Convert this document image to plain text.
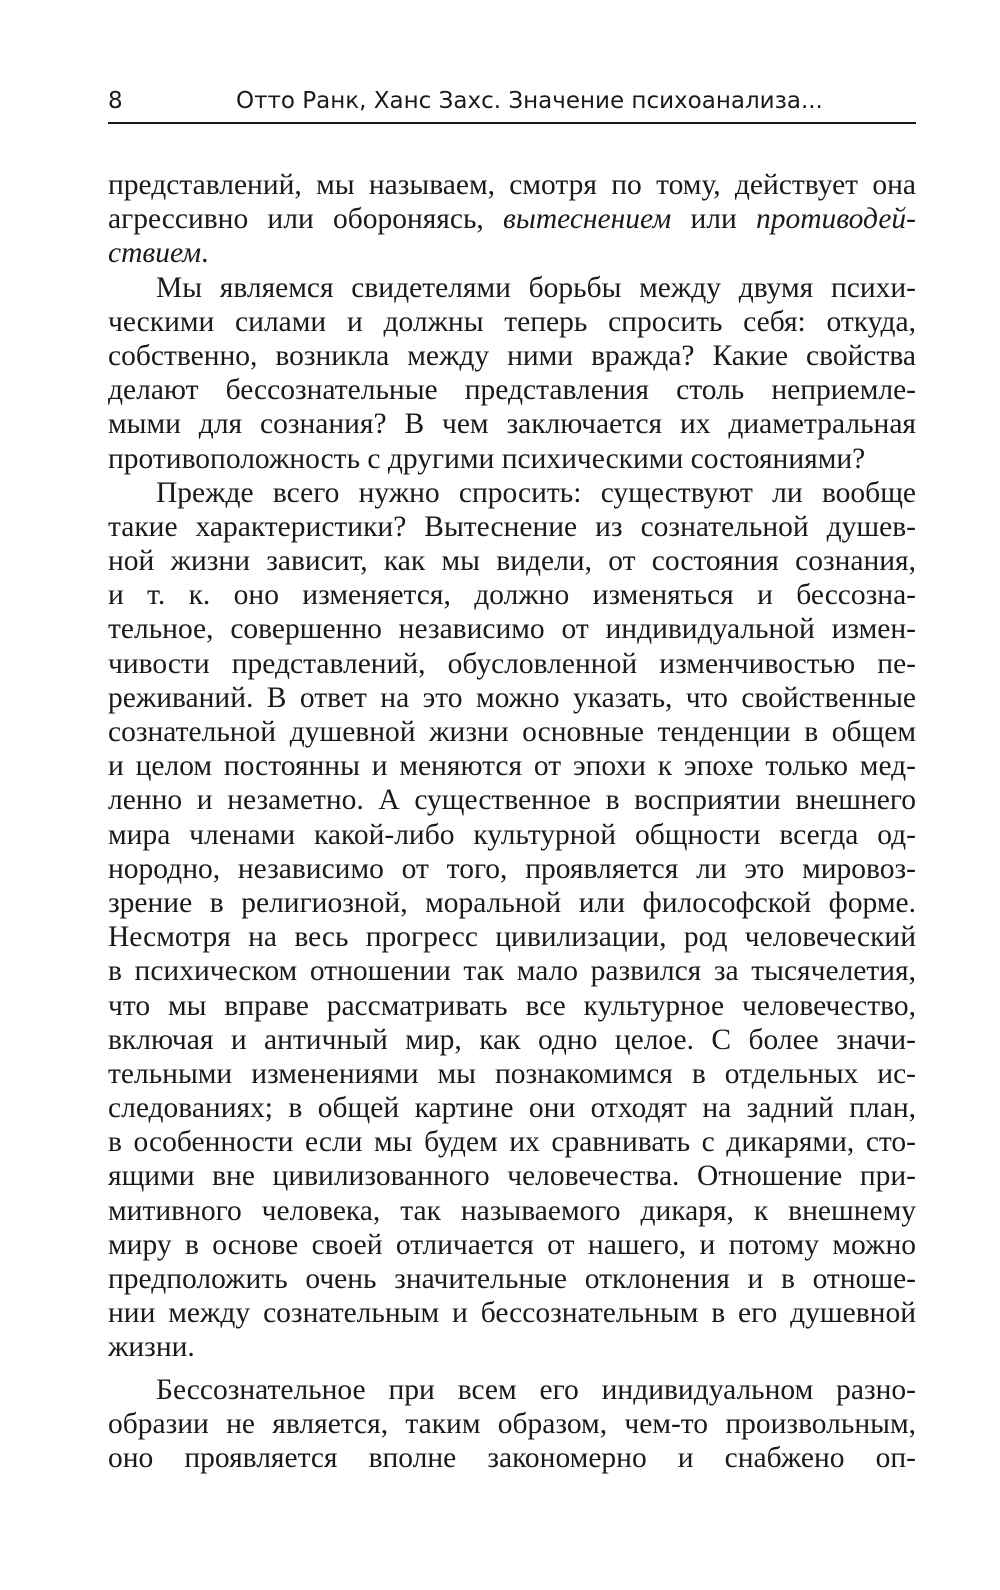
8	Отто Ранк, Ханс Захс. Значение психоанализа...
представлений, мы называем, смотря по тому, действует она
агрессивно или обороняясь, вытеснением или противодей-
ствием.
Мы являемся свидетелями борьбы между двумя психи-
ческими силами и должны теперь спросить себя: откуда,
собственно, возникла между ними вражда? Какие свойства
делают бессознательные представления столь неприемле-
мыми для сознания? В чем заключается их диаметральная
противоположность с другими психическими состояниями?
Прежде всего нужно спросить: существуют ли вообще
такие характеристики? Вытеснение из сознательной душев-
ной жизни зависит, как мы видели, от состояния сознания,
и т. к. оно изменяется, должно изменяться и бессозна-
тельное, совершенно независимо от индивидуальной измен-
чивости представлений, обусловленной изменчивостью пе-
реживаний. В ответ на это можно указать, что свойственные
сознательной душевной жизни основные тенденции в общем
и целом постоянны и меняются от эпохи к эпохе только мед-
ленно и незаметно. А существенное в восприятии внешнего
мира членами какой-либо культурной общности всегда од-
нородно, независимо от того, проявляется ли это мировоз-
зрение в религиозной, моральной или философской форме.
Несмотря на весь прогресс цивилизации, род человеческий
в психическом отношении так мало развился за тысячелетия,
что мы вправе рассматривать все культурное человечество,
включая и античный мир, как одно целое. С более значи-
тельными изменениями мы познакомимся в отдельных ис-
следованиях; в общей картине они отходят на задний план,
в особенности если мы будем их сравнивать с дикарями, сто-
ящими вне цивилизованного человечества. Отношение при-
митивного человека, так называемого дикаря, к внешнему
миру в основе своей отличается от нашего, и потому можно
предположить очень значительные отклонения и в отноше-
нии между сознательным и бессознательным в его душевной
жизни.
Бессознательное при всем его индивидуальном разно-
образии не является, таким образом, чем-то произвольным,
оно проявляется вполне закономерно и снабжено оп-
